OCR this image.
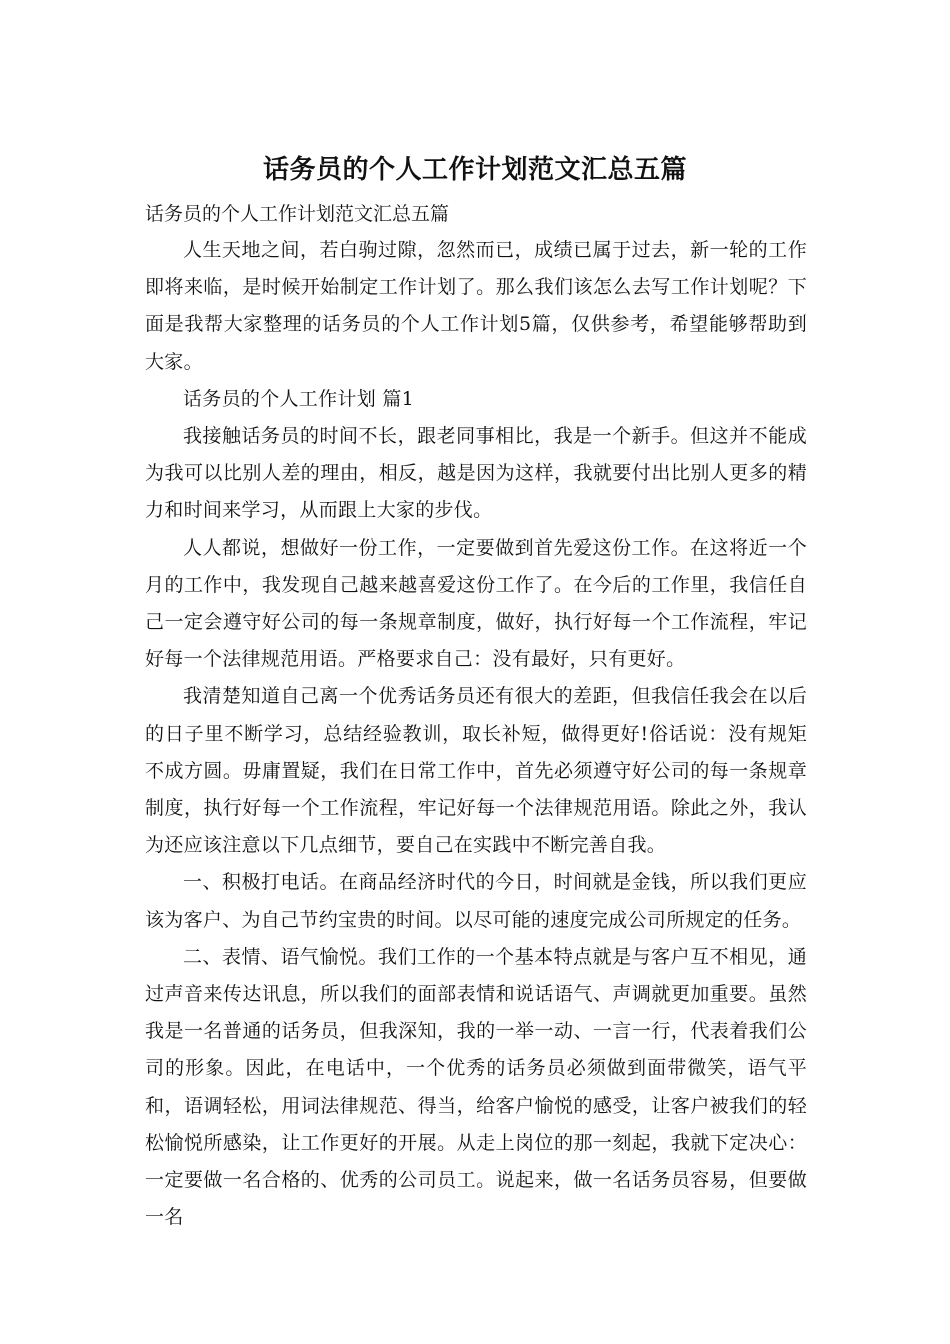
话务员的个人工作计划范文汇总五篇
话务员的个人工作计划范文汇总五篇

人生天地之间，若白驹过隙，忽然而已，成绩已属于过去，新一轮的工作即将来临，是时候开始制定工作计划了。那么我们该怎么去写工作计划呢？下面是我帮大家整理的话务员的个人工作计划5篇，仅供参考，希望能够帮助到大家。

话务员的个人工作计划 篇1

我接触话务员的时间不长，跟老同事相比，我是一个新手。但这并不能成为我可以比别人差的理由，相反，越是因为这样，我就要付出比别人更多的精力和时间来学习，从而跟上大家的步伐。

人人都说，想做好一份工作，一定要做到首先爱这份工作。在这将近一个月的工作中，我发现自己越来越喜爱这份工作了。在今后的工作里，我信任自己一定会遵守好公司的每一条规章制度，做好，执行好每一个工作流程，牢记好每一个法律规范用语。严格要求自己：没有最好，只有更好。

我清楚知道自己离一个优秀话务员还有很大的差距，但我信任我会在以后的日子里不断学习，总结经验教训，取长补短，做得更好!俗话说：没有规矩不成方圆。毋庸置疑，我们在日常工作中，首先必须遵守好公司的每一条规章制度，执行好每一个工作流程，牢记好每一个法律规范用语。除此之外，我认为还应该注意以下几点细节，要自己在实践中不断完善自我。

一、积极打电话。在商品经济时代的今日，时间就是金钱，所以我们更应该为客户、为自己节约宝贵的时间。以尽可能的速度完成公司所规定的任务。

二、表情、语气愉悦。我们工作的一个基本特点就是与客户互不相见，通过声音来传达讯息，所以我们的面部表情和说话语气、声调就更加重要。虽然我是一名普通的话务员，但我深知，我的一举一动、一言一行，代表着我们公司的形象。因此，在电话中，一个优秀的话务员必须做到面带微笑，语气平和，语调轻松，用词法律规范、得当，给客户愉悦的感受，让客户被我们的轻松愉悦所感染，让工作更好的开展。从走上岗位的那一刻起，我就下定决心：一定要做一名合格的、优秀的公司员工。说起来，做一名话务员容易，但要做一名
